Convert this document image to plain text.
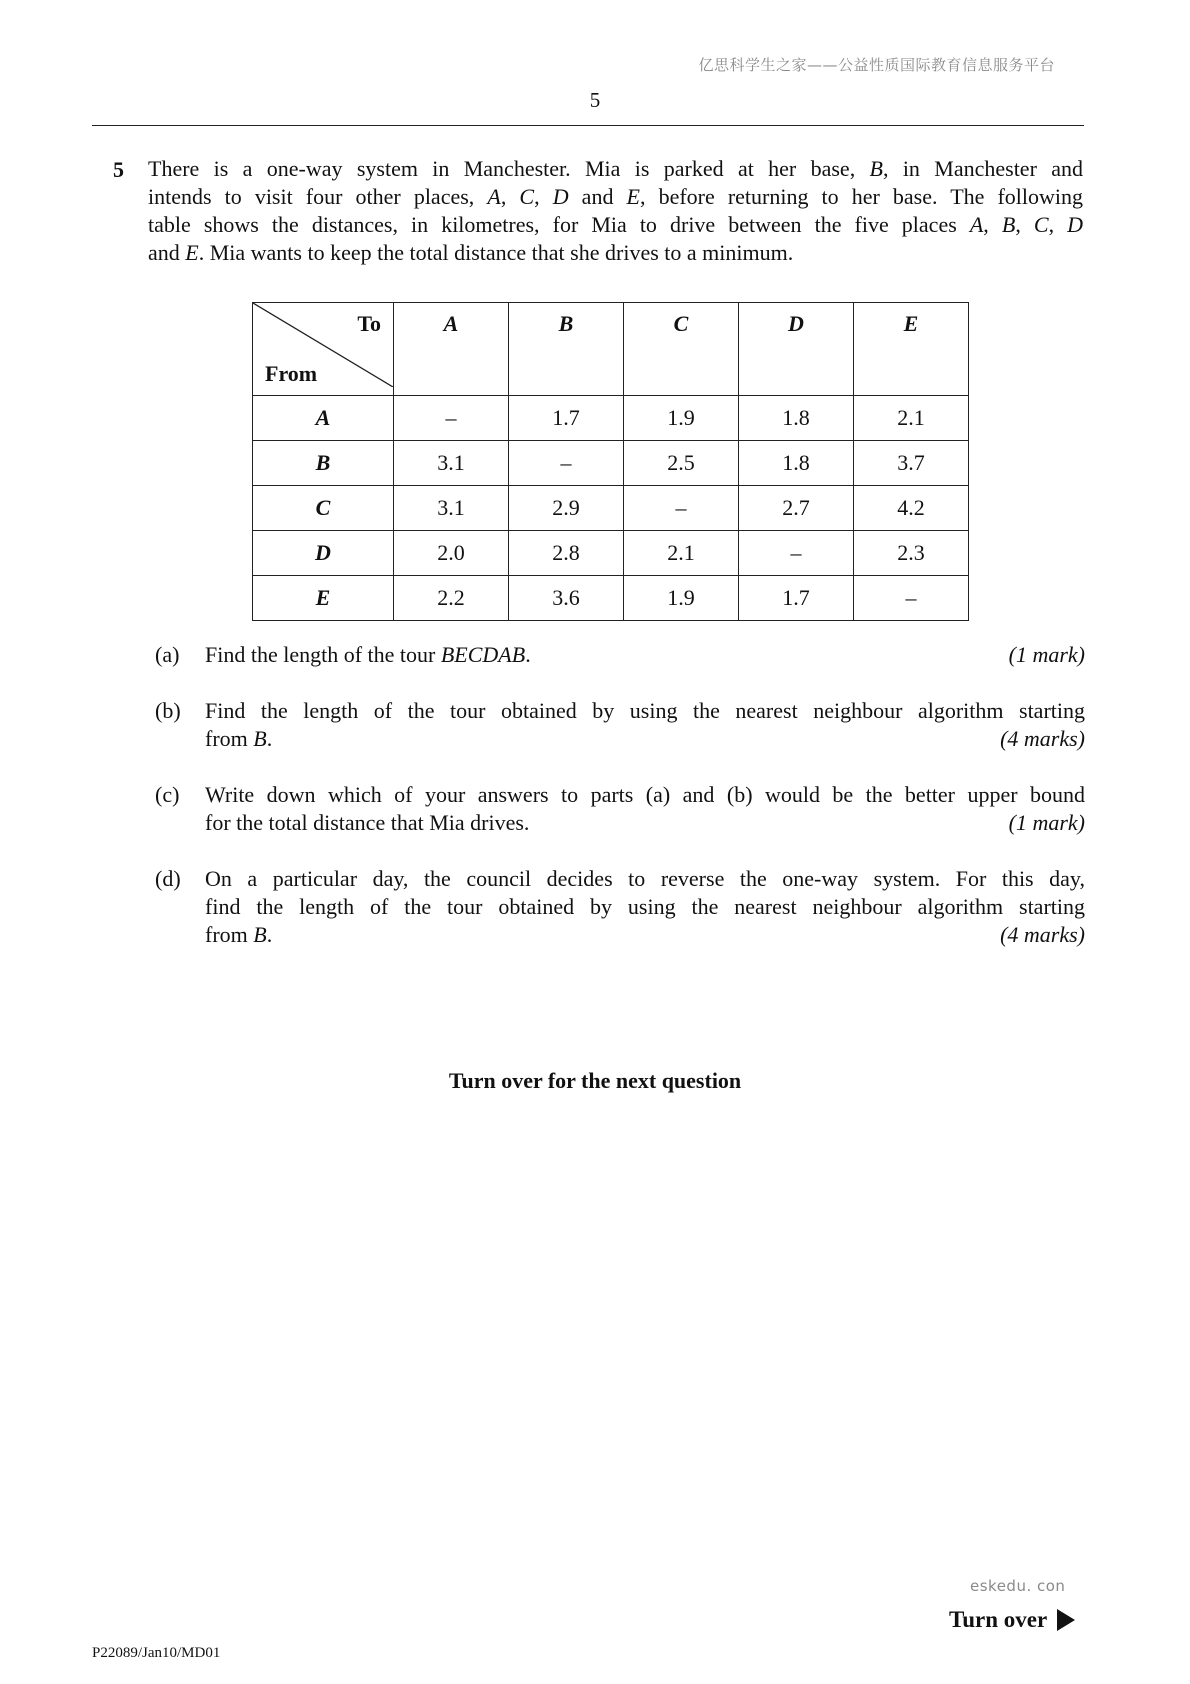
亿思科学生之家——公益性质国际教育信息服务平台
5
5 There is a one-way system in Manchester. Mia is parked at her base, B, in Manchester and
intends to visit four other places, A, C, D and E, before returning to her base. The following
table shows the distances, in kilometres, for Mia to drive between the five places A, B, C, D
and E. Mia wants to keep the total distance that she drives to a minimum.
To
From	A	B	C	D	E
A	–	1.7	1.9	1.8	2.1
B	3.1	–	2.5	1.8	3.7
C	3.1	2.9	–	2.7	4.2
D	2.0	2.8	2.1	–	2.3
E	2.2	3.6	1.9	1.7	–
(a) Find the length of the tour BECDAB.	(1 mark)
(b) Find the length of the tour obtained by using the nearest neighbour algorithm starting
from B.	(4 marks)
(c) Write down which of your answers to parts (a) and (b) would be the better upper bound
for the total distance that Mia drives.	(1 mark)
(d) On a particular day, the council decides to reverse the one-way system. For this day,
find the length of the tour obtained by using the nearest neighbour algorithm starting
from B.	(4 marks)
Turn over for the next question
eskedu. con
Turn over
P22089/Jan10/MD01
